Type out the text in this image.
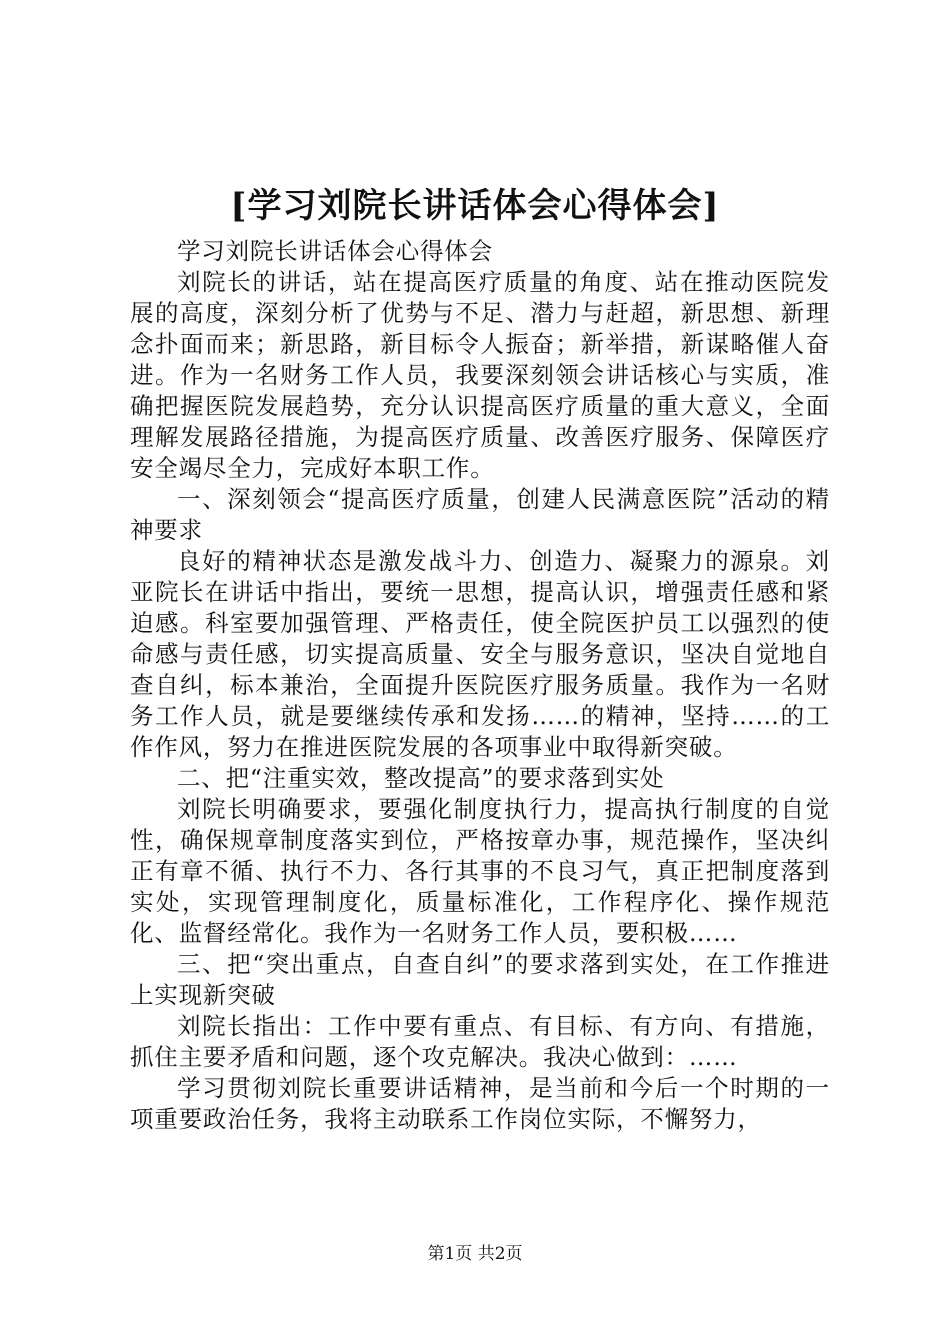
[学习刘院长讲话体会心得体会]

学习刘院长讲话体会心得体会

刘院长的讲话，站在提高医疗质量的角度、站在推动医院发展的高度，深刻分析了优势与不足、潜力与赶超，新思想、新理念扑面而来；新思路，新目标令人振奋；新举措，新谋略催人奋进。作为一名财务工作人员，我要深刻领会讲话核心与实质，准确把握医院发展趋势，充分认识提高医疗质量的重大意义，全面理解发展路径措施，为提高医疗质量、改善医疗服务、保障医疗安全竭尽全力，完成好本职工作。

一、深刻领会“提高医疗质量，创建人民满意医院”活动的精神要求

良好的精神状态是激发战斗力、创造力、凝聚力的源泉。刘亚院长在讲话中指出，要统一思想，提高认识，增强责任感和紧迫感。科室要加强管理、严格责任，使全院医护员工以强烈的使命感与责任感，切实提高质量、安全与服务意识，坚决自觉地自查自纠，标本兼治，全面提升医院医疗服务质量。我作为一名财务工作人员，就是要继续传承和发扬……的精神，坚持……的工作作风，努力在推进医院发展的各项事业中取得新突破。

二、把“注重实效，整改提高”的要求落到实处

刘院长明确要求，要强化制度执行力，提高执行制度的自觉性，确保规章制度落实到位，严格按章办事，规范操作，坚决纠正有章不循、执行不力、各行其事的不良习气，真正把制度落到实处，实现管理制度化，质量标准化，工作程序化、操作规范化、监督经常化。我作为一名财务工作人员，要积极……

三、把“突出重点，自查自纠”的要求落到实处，在工作推进上实现新突破

刘院长指出：工作中要有重点、有目标、有方向、有措施，抓住主要矛盾和问题，逐个攻克解决。我决心做到：……

学习贯彻刘院长重要讲话精神，是当前和今后一个时期的一项重要政治任务，我将主动联系工作岗位实际，不懈努力，

第1页 共2页
